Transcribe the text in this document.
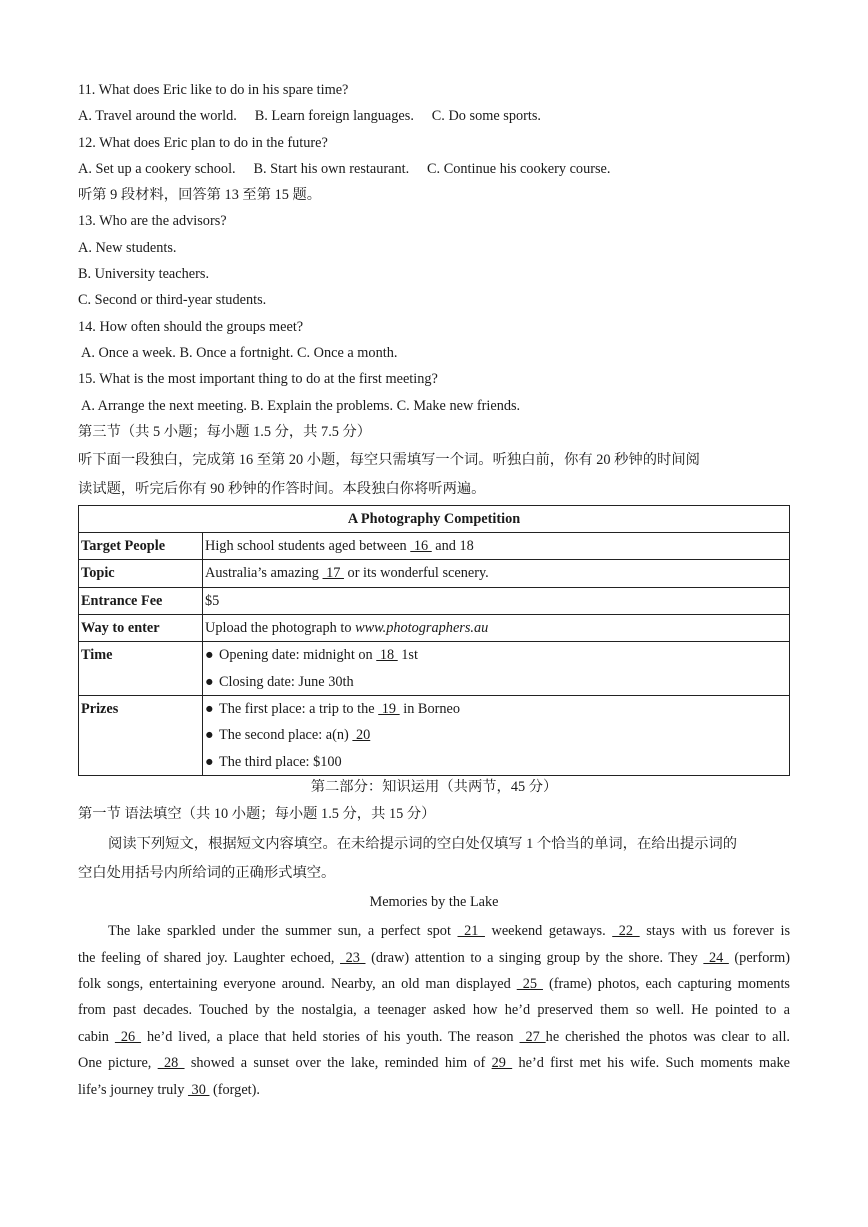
11. What does Eric like to do in his spare time?
A. Travel around the world.     B. Learn foreign languages.     C. Do some sports.
12. What does Eric plan to do in the future?
A. Set up a cookery school.     B. Start his own restaurant.     C. Continue his cookery course.
听第 9 段材料，回答第 13 至第 15 题。
13. Who are the advisors?
A. New students.
B. University teachers.
C. Second or third-year students.
14. How often should the groups meet?
A. Once a week. B. Once a fortnight. C. Once a month.
15. What is the most important thing to do at the first meeting?
A. Arrange the next meeting. B. Explain the problems. C. Make new friends.
第三节（共 5 小题；每小题 1.5 分，共 7.5 分）
听下面一段独白，完成第 16 至第 20 小题，每空只需填写一个词。听独白前，你有 20 秒钟的时间阅
读试题，听完后你有 90 秒钟的作答时间。本段独白你将听两遍。
A Photography Competition	
Target People	High school students aged between  16  and 18
Topic	Australia’s amazing  17  or its wonderful scenery.
Entrance Fee	$5
Way to enter	Upload the photograph to www.photographers.au
Time	● Opening date: midnight on  18  1st
● Closing date: June 30th

Prizes	● The first place: a trip to the  19  in Borneo
● The second place: a(n)  20
● The third place: $100
第二部分：知识运用（共两节，45 分）
第一节 语法填空（共 10 小题；每小题 1.5 分，共 15 分）
阅读下列短文，根据短文内容填空。在未给提示词的空白处仅填写 1 个恰当的单词，在给出提示词的
空白处用括号内所给词的正确形式填空。
Memories by the Lake
The lake sparkled under the summer sun, a perfect spot  21  weekend getaways.  22  stays with us forever is
the feeling of shared joy. Laughter echoed,  23  (draw) attention to a singing group by the shore. They  24  (perform)
folk songs, entertaining everyone around. Nearby, an old man displayed  25  (frame) photos, each capturing moments
from past decades. Touched by the nostalgia, a teenager asked how he’d preserved them so well. He pointed to a
cabin  26  he’d lived, a place that held stories of his youth. The reason  27 he cherished the photos was clear to all.
One picture,  28  showed a sunset over the lake, reminded him of 29  he’d first met his wife. Such moments make
life’s journey truly  30  (forget).
